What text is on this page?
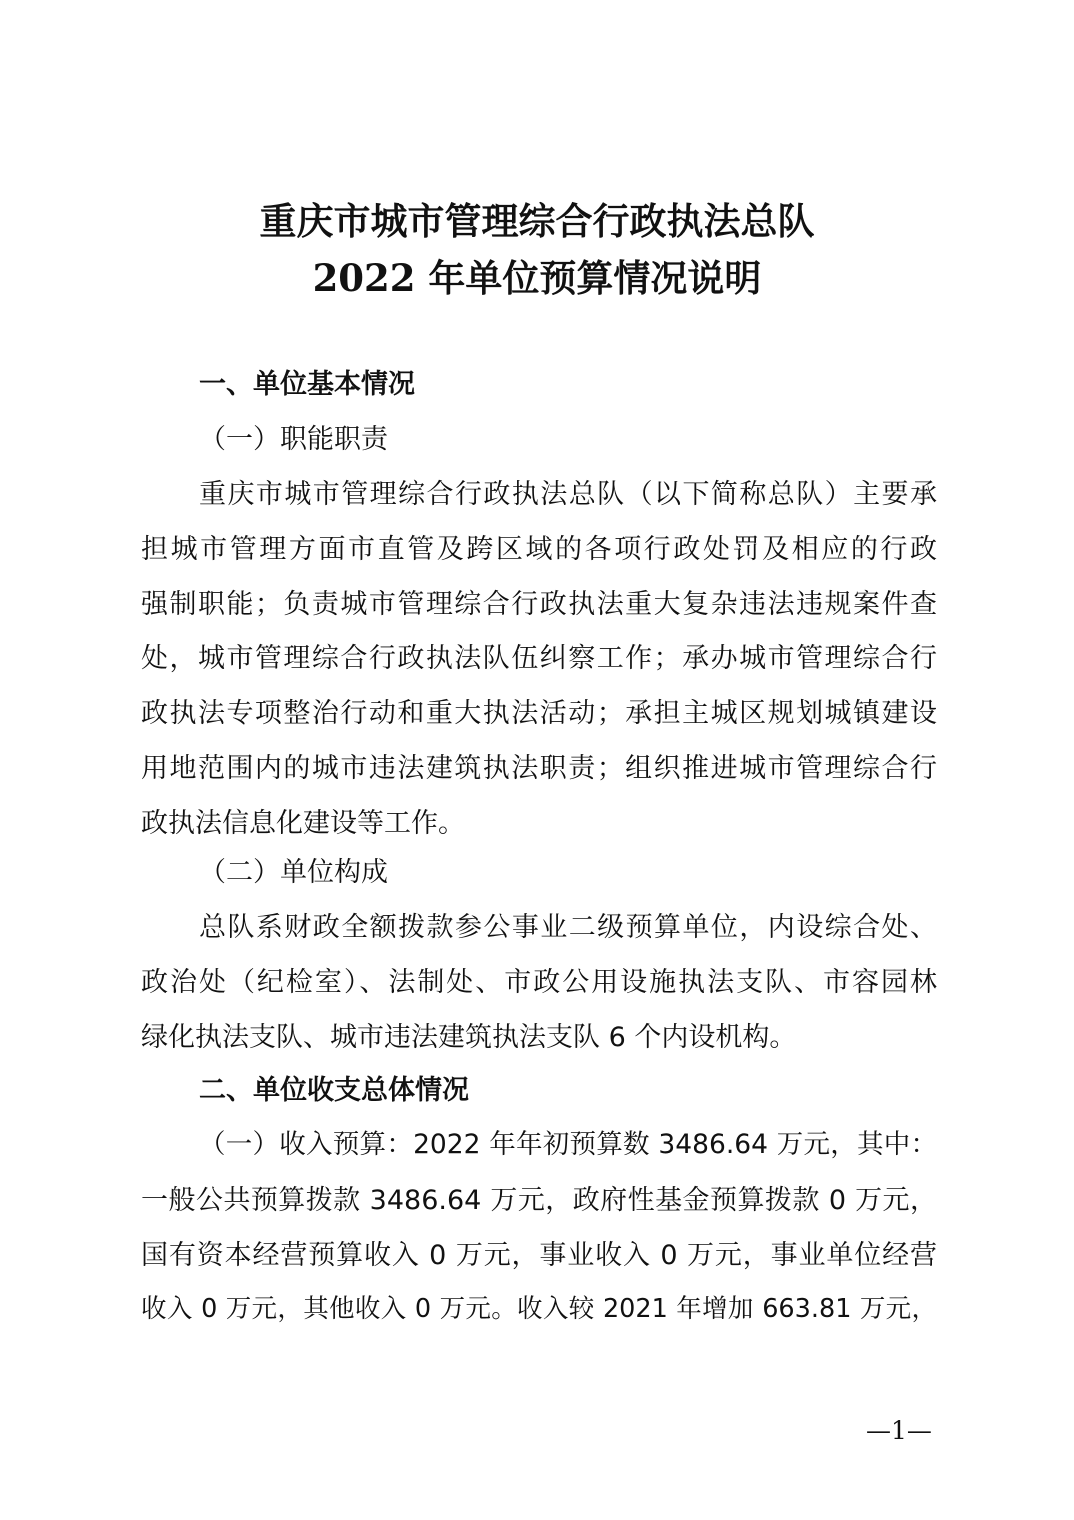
重庆市城市管理综合行政执法总队
2022 年单位预算情况说明
一、单位基本情况
（一）职能职责
重庆市城市管理综合行政执法总队（以下简称总队）主要承
担城市管理方面市直管及跨区域的各项行政处罚及相应的行政
强制职能；负责城市管理综合行政执法重大复杂违法违规案件查
处，城市管理综合行政执法队伍纠察工作；承办城市管理综合行
政执法专项整治行动和重大执法活动；承担主城区规划城镇建设
用地范围内的城市违法建筑执法职责；组织推进城市管理综合行
政执法信息化建设等工作。
（二）单位构成
总队系财政全额拨款参公事业二级预算单位，内设综合处、
政治处（纪检室）、法制处、市政公用设施执法支队、市容园林
绿化执法支队、城市违法建筑执法支队 6 个内设机构。
二、单位收支总体情况
（一）收入预算：2022 年年初预算数 3486.64 万元，其中：
一般公共预算拨款 3486.64 万元，政府性基金预算拨款 0 万元，
国有资本经营预算收入 0 万元，事业收入 0 万元，事业单位经营
收入 0 万元，其他收入 0 万元。收入较 2021 年增加 663.81 万元，
—1—
